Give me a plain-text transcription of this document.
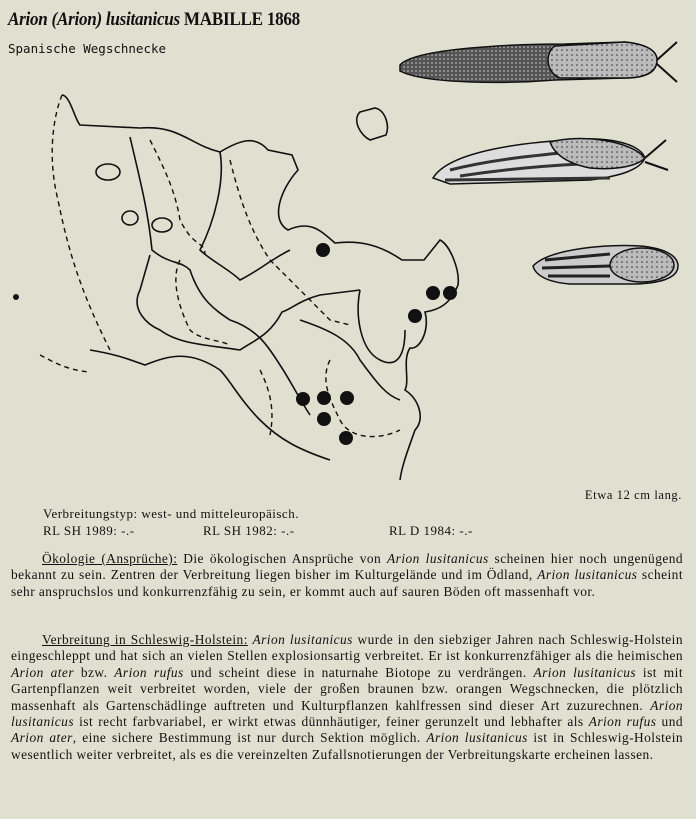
Arion (Arion) lusitanicus MABILLE 1868
Spanische Wegschnecke
Etwa 12 cm lang.
Verbreitungstyp: west- und mitteleuropäisch.
RL SH 1989: -.-	RL SH 1982: -.-	RL D 1984: -.-
Ökologie (Ansprüche): Die ökologischen Ansprüche von Arion lusitanicus scheinen hier noch ungenügend bekannt zu sein. Zentren der Verbreitung liegen bisher im Kulturgelände und im Ödland, Arion lusitanicus scheint sehr anspruchslos und konkurrenzfähig zu sein, er kommt auch auf sauren Böden oft massenhaft vor.
Verbreitung in Schleswig-Holstein: Arion lusitanicus wurde in den siebziger Jahren nach Schleswig-Holstein eingeschleppt und hat sich an vielen Stellen explosionsartig verbreitet. Er ist konkurrenzfähiger als die heimischen Arion ater bzw. Arion rufus und scheint diese in naturnahe Biotope zu verdrängen. Arion lusitanicus ist mit Gartenpflanzen weit verbreitet worden, viele der großen braunen bzw. orangen Wegschnecken, die plötzlich massenhaft als Gartenschädlinge auftreten und Kulturpflanzen kahlfressen sind dieser Art zuzurechnen. Arion lusitanicus ist recht farbvariabel, er wirkt etwas dünnhäutiger, feiner gerunzelt und lebhafter als Arion rufus und Arion ater, eine sichere Bestimmung ist nur durch Sektion möglich. Arion lusitanicus ist in Schleswig-Holstein wesentlich weiter verbreitet, als es die vereinzelten Zufallsnotierungen der Verbreitungskarte ercheinen lassen.
